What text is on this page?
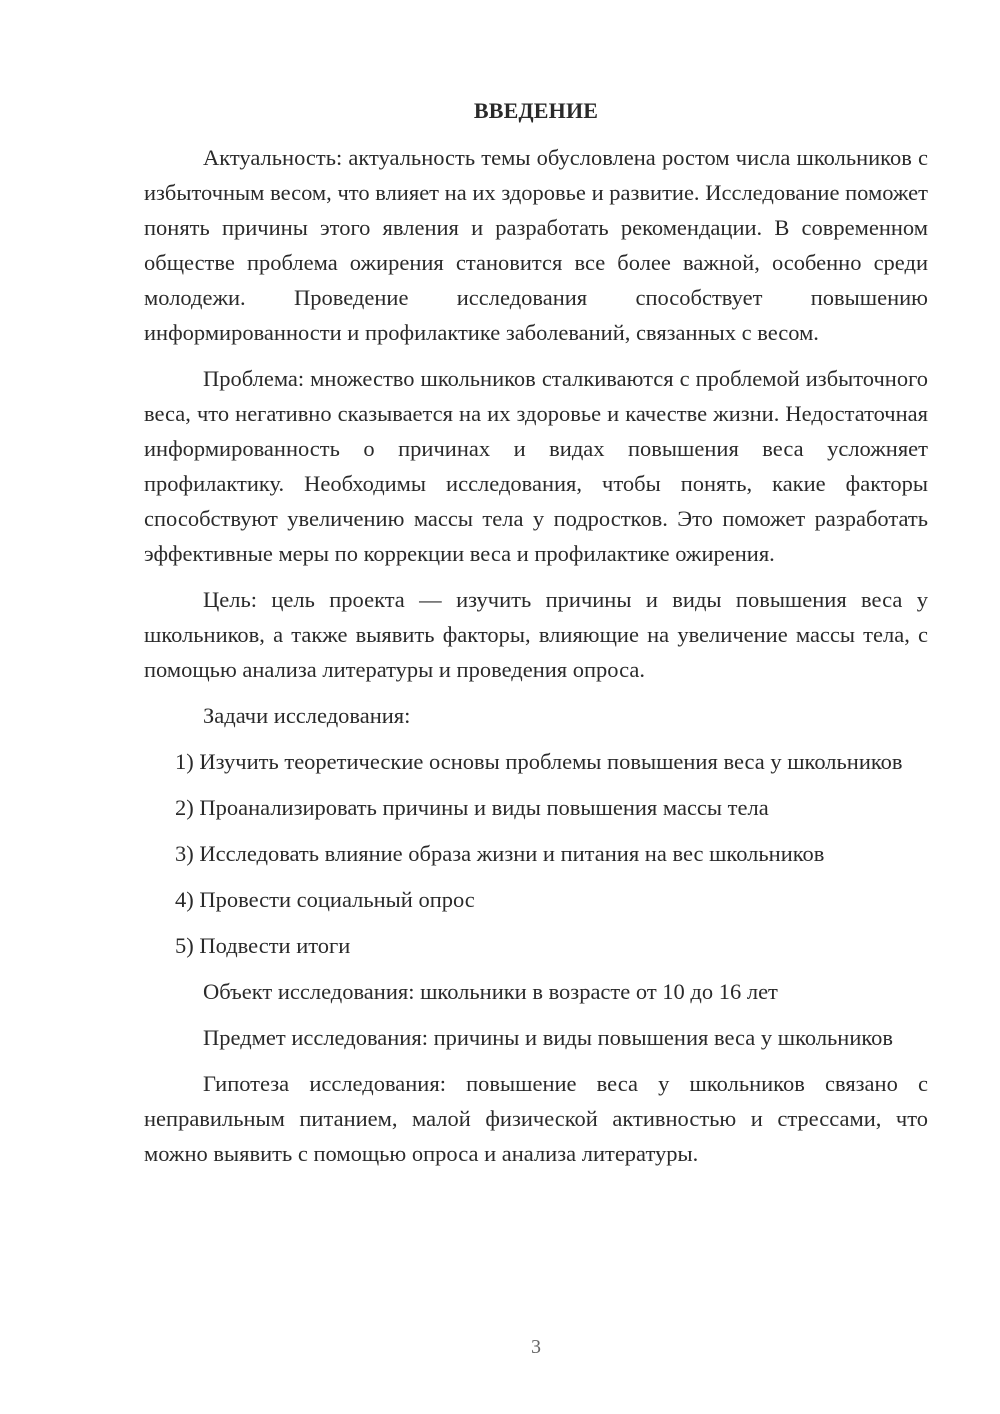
ВВЕДЕНИЕ

Актуальность: актуальность темы обусловлена ростом числа школьников с избыточным весом, что влияет на их здоровье и развитие. Исследование поможет понять причины этого явления и разработать рекомендации. В современном обществе проблема ожирения становится все более важной, особенно среди молодежи. Проведение исследования способствует повышению информированности и профилактике заболеваний, связанных с весом.

Проблема: множество школьников сталкиваются с проблемой избыточного веса, что негативно сказывается на их здоровье и качестве жизни. Недостаточная информированность о причинах и видах повышения веса усложняет профилактику. Необходимы исследования, чтобы понять, какие факторы способствуют увеличению массы тела у подростков. Это поможет разработать эффективные меры по коррекции веса и профилактике ожирения.

Цель: цель проекта — изучить причины и виды повышения веса у школьников, а также выявить факторы, влияющие на увеличение массы тела, с помощью анализа литературы и проведения опроса.

Задачи исследования:

1) Изучить теоретические основы проблемы повышения веса у школьников

2) Проанализировать причины и виды повышения массы тела

3) Исследовать влияние образа жизни и питания на вес школьников

4) Провести социальный опрос

5) Подвести итоги

Объект исследования: школьники в возрасте от 10 до 16 лет

Предмет исследования: причины и виды повышения веса у школьников

Гипотеза исследования: повышение веса у школьников связано с неправильным питанием, малой физической активностью и стрессами, что можно выявить с помощью опроса и анализа литературы.

3
